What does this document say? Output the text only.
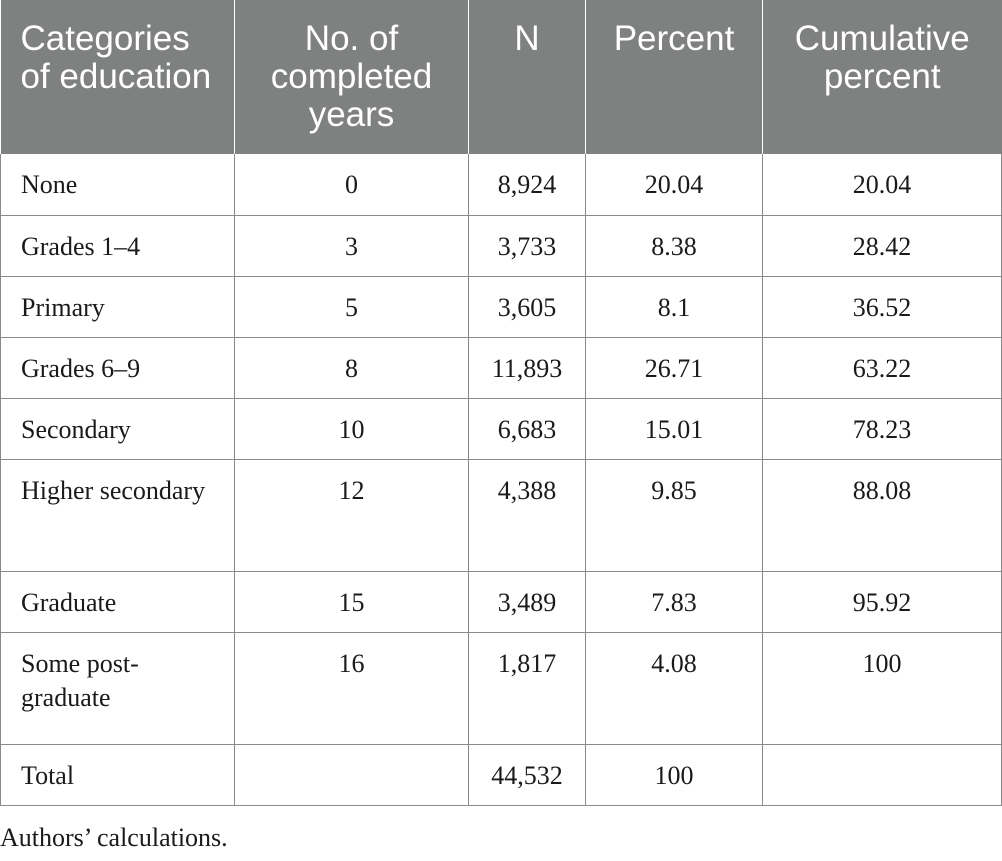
Categories of education	No. of completed years	N	Percent	Cumulative percent
None	0	8,924	20.04	20.04
Grades 1–4	3	3,733	8.38	28.42
Primary	5	3,605	8.1	36.52
Grades 6–9	8	11,893	26.71	63.22
Secondary	10	6,683	15.01	78.23
Higher secondary	12	4,388	9.85	88.08
Graduate	15	3,489	7.83	95.92
Some post-graduate	16	1,817	4.08	100
Total		44,532	100	
Authors’ calculations.
